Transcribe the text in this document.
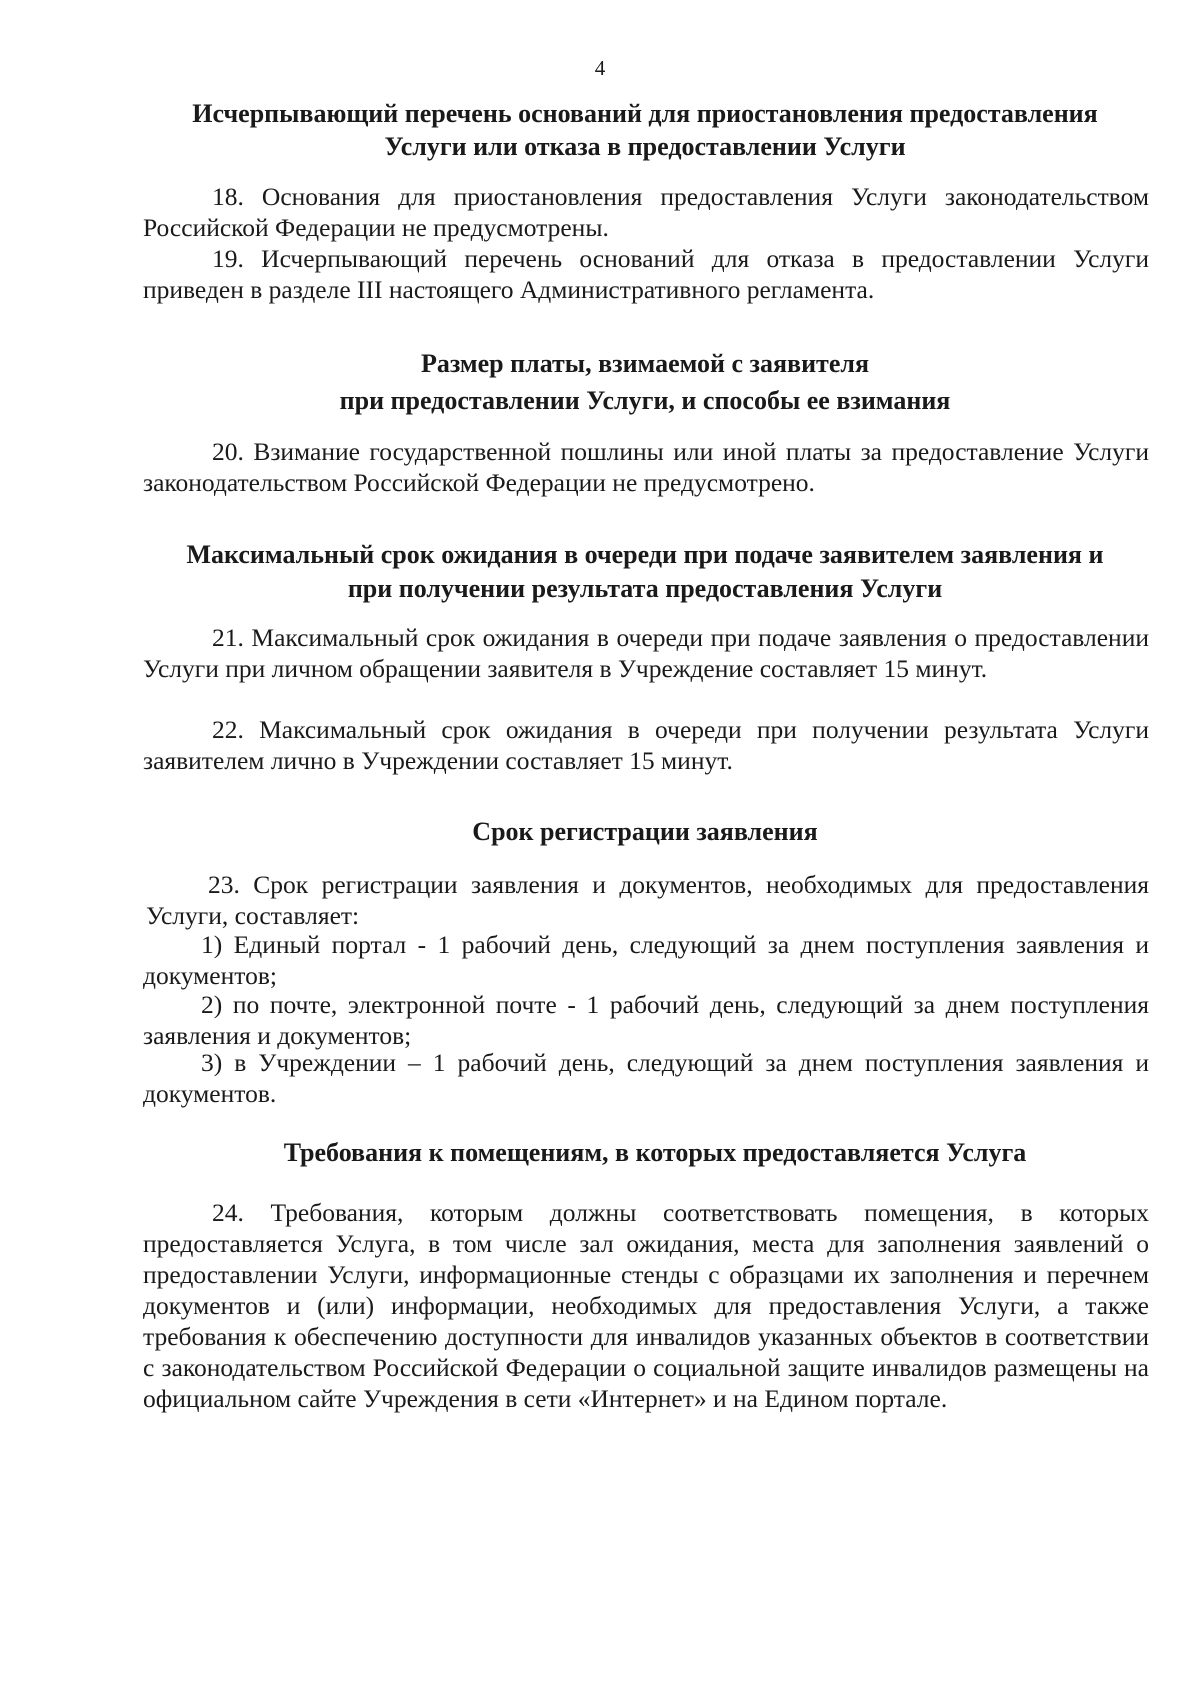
4
Исчерпывающий перечень оснований для приостановления предоставления
Услуги или отказа в предоставлении Услуги
18. Основания для приостановления предоставления Услуги законодательством Российской Федерации не предусмотрены.
19. Исчерпывающий перечень оснований для отказа в предоставлении Услуги приведен в разделе III настоящего Административного регламента.
Размер платы, взимаемой с заявителя
при предоставлении Услуги, и способы ее взимания
20. Взимание государственной пошлины или иной платы за предоставление Услуги законодательством Российской Федерации не предусмотрено.
Максимальный срок ожидания в очереди при подаче заявителем заявления и
при получении результата предоставления Услуги
21. Максимальный срок ожидания в очереди при подаче заявления о предоставлении Услуги при личном обращении заявителя в Учреждение составляет 15 минут.
22. Максимальный срок ожидания в очереди при получении результата Услуги заявителем лично в Учреждении составляет 15 минут.
Срок регистрации заявления
23. Срок регистрации заявления и документов, необходимых для предоставления Услуги, составляет:
1) Единый портал - 1 рабочий день, следующий за днем поступления заявления и документов;
2) по почте, электронной почте - 1 рабочий день, следующий за днем поступления заявления и документов;
3) в Учреждении – 1 рабочий день, следующий за днем поступления заявления и документов.
Требования к помещениям, в которых предоставляется Услуга
24. Требования, которым должны соответствовать помещения, в которых предоставляется Услуга, в том числе зал ожидания, места для заполнения заявлений о предоставлении Услуги, информационные стенды с образцами их заполнения и перечнем документов и (или) информации, необходимых для предоставления Услуги, а также требования к обеспечению доступности для инвалидов указанных объектов в соответствии с законодательством Российской Федерации о социальной защите инвалидов размещены на официальном сайте Учреждения в сети «Интернет» и на Едином портале.
